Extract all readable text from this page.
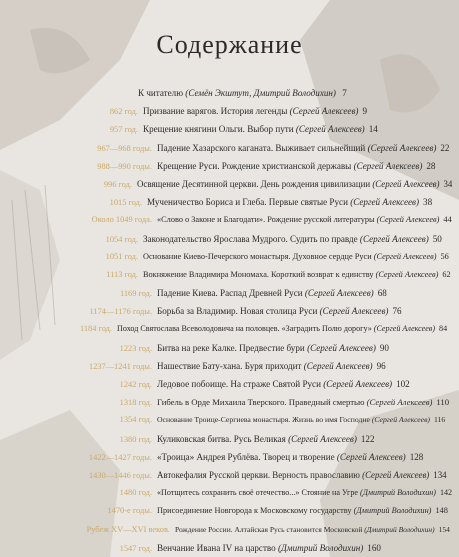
Содержание
К читателю (Семён Экштут, Дмитрий Володихин) 7
862 год. Призвание варягов. История легенды (Сергей Алексеев) 9
957 год. Крещение княгини Ольги. Выбор пути (Сергей Алексеев) 14
967—968 годы. Падение Хазарского каганата. Выживает сильнейший (Сергей Алексеев) 22
988—990 годы. Крещение Руси. Рождение христианской державы (Сергей Алексеев) 28
996 год. Освящение Десятинной церкви. День рождения цивилизации (Сергей Алексеев) 34
1015 год. Мученичество Бориса и Глеба. Первые святые Руси (Сергей Алексеев) 38
Около 1049 года. «Слово о Законе и Благодати». Рождение русской литературы (Сергей Алексеев) 44
1054 год. Законодательство Ярослава Мудрого. Судить по правде (Сергей Алексеев) 50
1051 год. Основание Киево-Печерского монастыря. Духовное сердце Руси (Сергей Алексеев) 56
1113 год. Вокняжение Владимира Мономаха. Короткий возврат к единству (Сергей Алексеев) 62
1169 год. Падение Киева. Распад Древней Руси (Сергей Алексеев) 68
1174—1176 годы. Борьба за Владимир. Новая столица Руси (Сергей Алексеев) 76
1184 год. Поход Святослава Всеволодовича на половцев. «Заградить Полю дорогу» (Сергей Алексеев) 84
1223 год. Битва на реке Калке. Предвестие бури (Сергей Алексеев) 90
1237—1241 годы. Нашествие Бату-хана. Буря приходит (Сергей Алексеев) 96
1242 год. Ледовое побоище. На страже Святой Руси (Сергей Алексеев) 102
1318 год. Гибель в Орде Михаила Тверского. Праведный смертью (Сергей Алексеев) 110
1354 год. Основание Троице-Сергиева монастыря. Жизнь во имя Господне (Сергей Алексеев) 116
1380 год. Куликовская битва. Русь Великая (Сергей Алексеев) 122
1422—1427 годы. «Троица» Андрея Рублёва. Творец и творение (Сергей Алексеев) 128
1430—1446 годы. Автокефалия Русской церкви. Верность православию (Сергей Алексеев) 134
1480 год. «Потщитесь сохранить своё отечество...» Стояние на Угре (Дмитрий Володихин) 142
1470-е годы. Присоединение Новгорода к Московскому государству (Дмитрий Володихин) 148
Рубеж XV—XVI веков. Рождение России. Алтайская Русь становится Московской (Дмитрий Володихин) 154
1547 год. Венчание Ивана IV на царство (Дмитрий Володихин) 160
